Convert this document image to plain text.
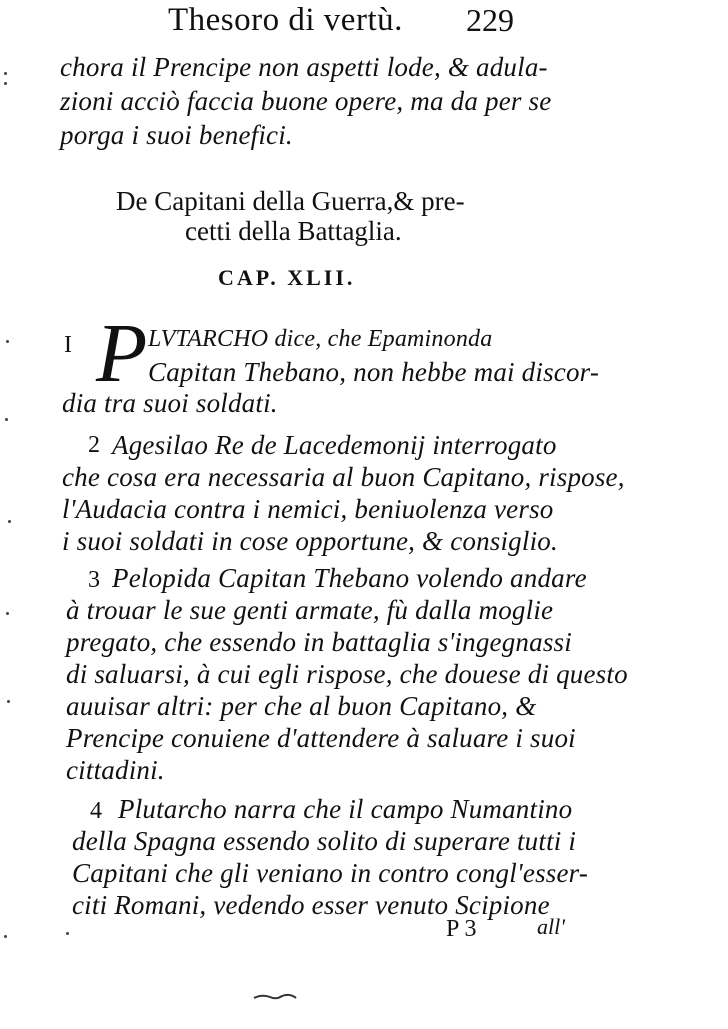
Thesoro di vertù. 229
chora il Prencipe non aspetti lode, & adula-
zioni acciò faccia buone opere, ma da per se
porga i suoi benefici.
De Capitani della Guerra,& pre-
cetti della Battaglia.
CAP. XLII.
I P LVTARCHO dice, che Epaminonda
Capitan Thebano, non hebbe mai discor-
dia tra suoi soldati.
2 Agesilao Re de Lacedemonij interrogato
che cosa era necessaria al buon Capitano, rispose,
l'Audacia contra i nemici, beniuolenza verso
i suoi soldati in cose opportune, & consiglio.
3 Pelopida Capitan Thebano volendo andare
à trouar le sue genti armate, fù dalla moglie
pregato, che essendo in battaglia s'ingegnassi
di saluarsi, à cui egli rispose, che douese di questo
auuisar altri: per che al buon Capitano, &
Prencipe conuiene d'attendere à saluare i suoi
cittadini.
4 Plutarcho narra che il campo Numantino
della Spagna essendo solito di superare tutti i
Capitani che gli veniano in contro congl'esser-
citi Romani, vedendo esser venuto Scipione
P 3	all'
